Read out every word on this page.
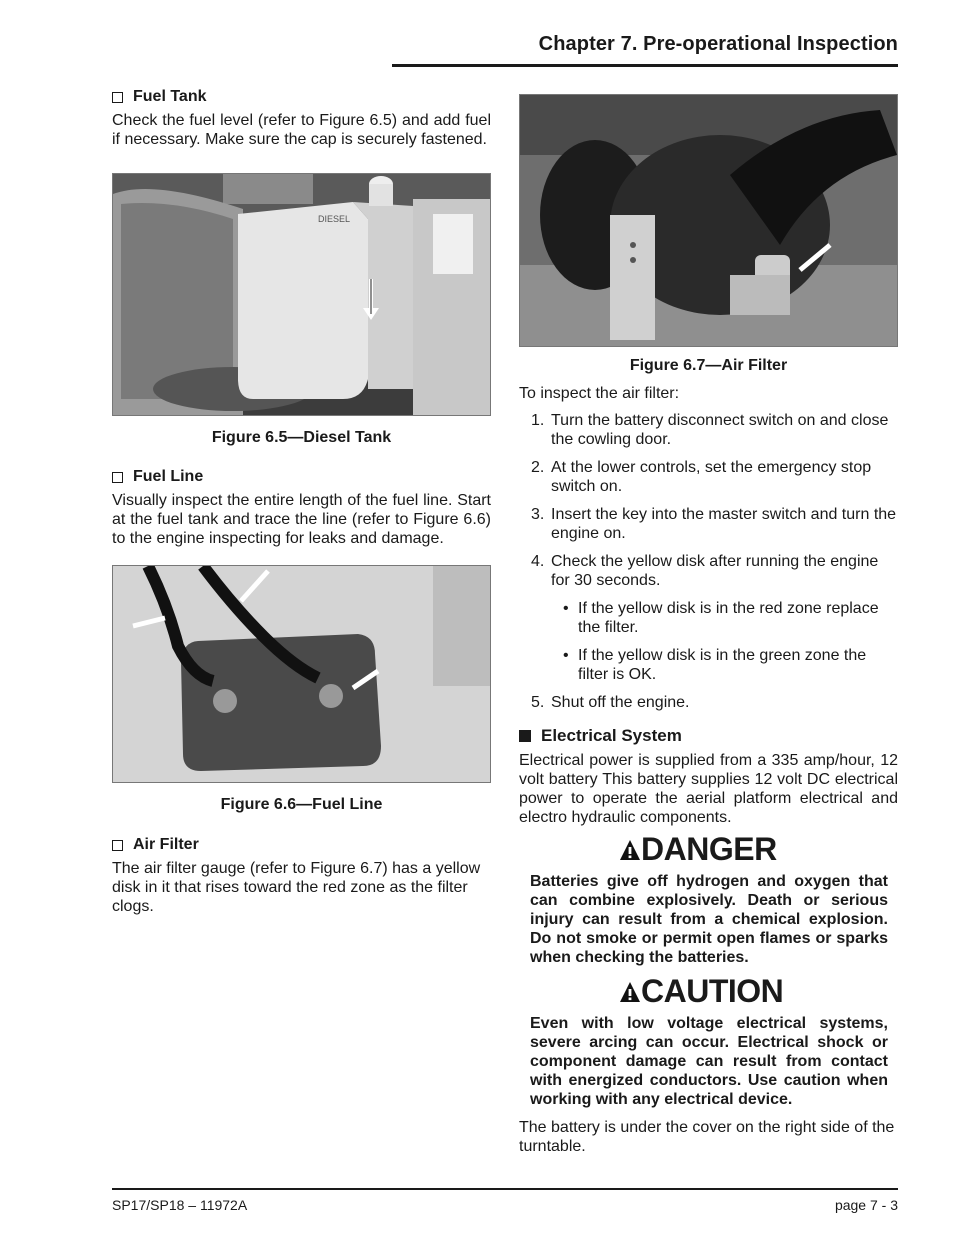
Chapter 7. Pre-operational Inspection
Fuel Tank

Check the fuel level (refer to Figure 6.5) and add fuel if necessary. Make sure the cap is securely fastened.

DIESEL
Figure 6.5—Diesel Tank
Fuel Line

Visually inspect the entire length of the fuel line. Start at the fuel tank and trace the line (refer to Figure 6.6) to the engine inspecting for leaks and damage.

Figure 6.6—Fuel Line
Air Filter

The air filter gauge (refer to Figure 6.7) has a yellow disk in it that rises toward the red zone as the filter clogs.

Figure 6.7—Air Filter

To inspect the air filter:

1. Turn the battery disconnect switch on and close the cowling door.
2. At the lower controls, set the emergency stop switch on.
3. Insert the key into the master switch and turn the engine on.
4. Check the yellow disk after running the engine for 30 seconds.
• If the yellow disk is in the red zone replace the filter.
• If the yellow disk is in the green zone the filter is OK.
5. Shut off the engine.
Electrical System

Electrical power is supplied from a 335 amp/hour, 12 volt battery This battery supplies 12 volt DC electrical power to operate the aerial platform electrical and electro hydraulic components.

DANGER

Batteries give off hydrogen and oxygen that can combine explosively. Death or serious injury can result from a chemical explosion. Do not smoke or permit open flames or sparks when checking the batteries.

CAUTION

Even with low voltage electrical systems, severe arcing can occur. Electrical shock or component damage can result from contact with energized conductors. Use caution when working with any electrical device.

The battery is under the cover on the right side of the turntable.

SP17/SP18 – 11972A	page 7 - 3
